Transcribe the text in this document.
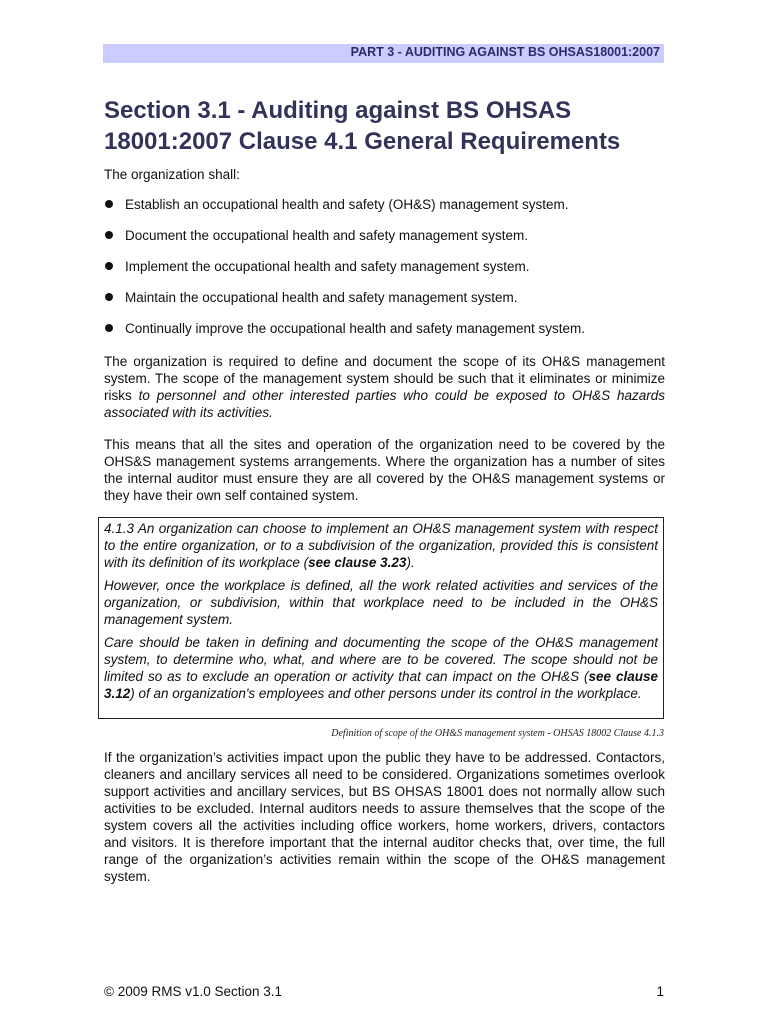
PART 3 - AUDITING AGAINST BS OHSAS18001:2007
Section 3.1 - Auditing against BS OHSAS
18001:2007 Clause 4.1 General Requirements

The organization shall:

Establish an occupational health and safety (OH&S) management system.
Document the occupational health and safety management system.
Implement the occupational health and safety management system.
Maintain the occupational health and safety management system.
Continually improve the occupational health and safety management system.

The organization is required to define and document the scope of its OH&S management system. The scope of the management system should be such that it eliminates or minimize risks to personnel and other interested parties who could be exposed to OH&S hazards associated with its activities.

This means that all the sites and operation of the organization need to be covered by the OHS&S management systems arrangements. Where the organization has a number of sites the internal auditor must ensure they are all covered by the OH&S management systems or they have their own self contained system.

4.1.3 An organization can choose to implement an OH&S management system with respect to the entire organization, or to a subdivision of the organization, provided this is consistent with its definition of its workplace (see clause 3.23).

However, once the workplace is defined, all the work related activities and services of the organization, or subdivision, within that workplace need to be included in the OH&S management system.

Care should be taken in defining and documenting the scope of the OH&S management system, to determine who, what, and where are to be covered. The scope should not be limited so as to exclude an operation or activity that can impact on the OH&S (see clause 3.12) of an organization's employees and other persons under its control in the workplace.

Definition of scope of the OH&S management system - OHSAS 18002 Clause 4.1.3

If the organization’s activities impact upon the public they have to be addressed. Contactors, cleaners and ancillary services all need to be considered. Organizations sometimes overlook support activities and ancillary services, but BS OHSAS 18001 does not normally allow such activities to be excluded. Internal auditors needs to assure themselves that the scope of the system covers all the activities including office workers, home workers, drivers, contactors and visitors. It is therefore important that the internal auditor checks that, over time, the full range of the organization’s activities remain within the scope of the OH&S management system.

© 2009 RMS v1.0 Section 3.1	1
